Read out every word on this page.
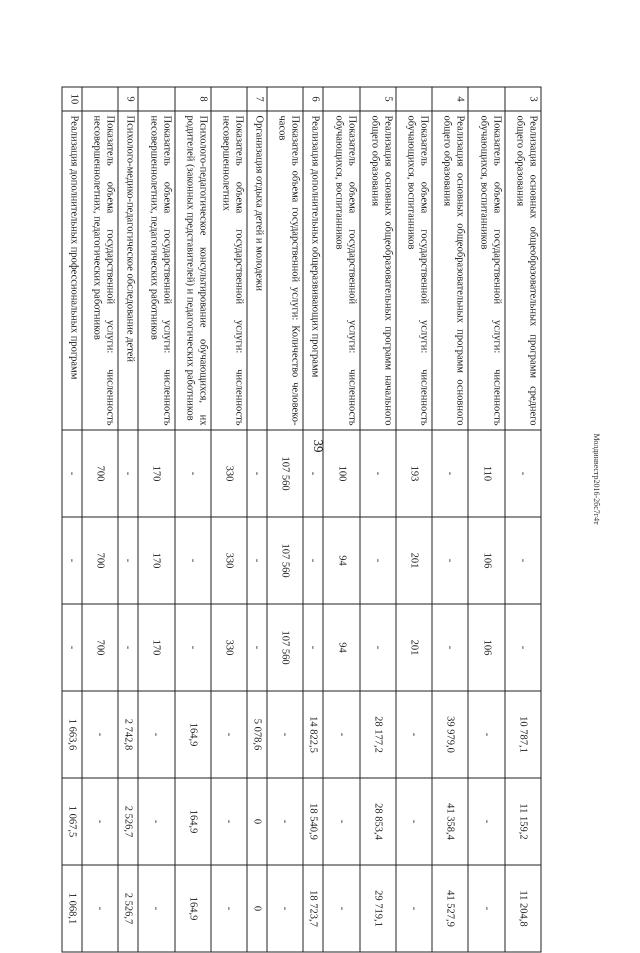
39	Молдинвестр2016-2бс7г4т
3	Реализация основных общеобразовательных программ среднего общего образования	-	-	-	10 787,1	11 159,2	11 204,8
	Показатель объема государственной услуги: численность обучающихся, воспитанников	110	106	106	-	-	-
4	Реализация основных общеобразовательных программ основного общего образования	-	-	-	39 979,0	41 358,4	41 527,9
	Показатель объема государственной услуги: численность обучающихся, воспитанников	193	201	201	-	-	-
5	Реализация основных общеобразовательных программ начального общего образования	-	-	-	28 177,2	28 853,4	29 719,1
	Показатель объема государственной услуги: численность обучающихся, воспитанников	100	94	94	-	-	-
6	Реализация дополнительных общеразвивающих программ	-	-	-	14 822,5	18 540,9	18 723,7
	Показатель объема государственной услуги: Количество человеко-часов	107 560	107 560	107 560	-	-	-
7	Организация отдыха детей и молодежи	-	-	-	5 078,6	0	0
	Показатель объема государственной услуги: численность несовершеннолетних	330	330	330	-	-	-
8	Психолого-педагогическое консультирование обучающихся, их родителей (законных представителей) и педагогических работников	-	-	-	164,9	164,9	164,9
	Показатель объема государственной услуги: численность несовершеннолетних, педагогических работников	170	170	170	-	-	-
9	Психолого-медико-педагогическое обследование детей	-	-	-	2 742,8	2 526,7	2 526,7
	Показатель объема государственной услуги: численность несовершеннолетних, педагогических работников	700	700	700	-	-	-
10	Реализация дополнительных профессиональных программ	-	-	-	1 663,6	1 067,5	1 068,1
